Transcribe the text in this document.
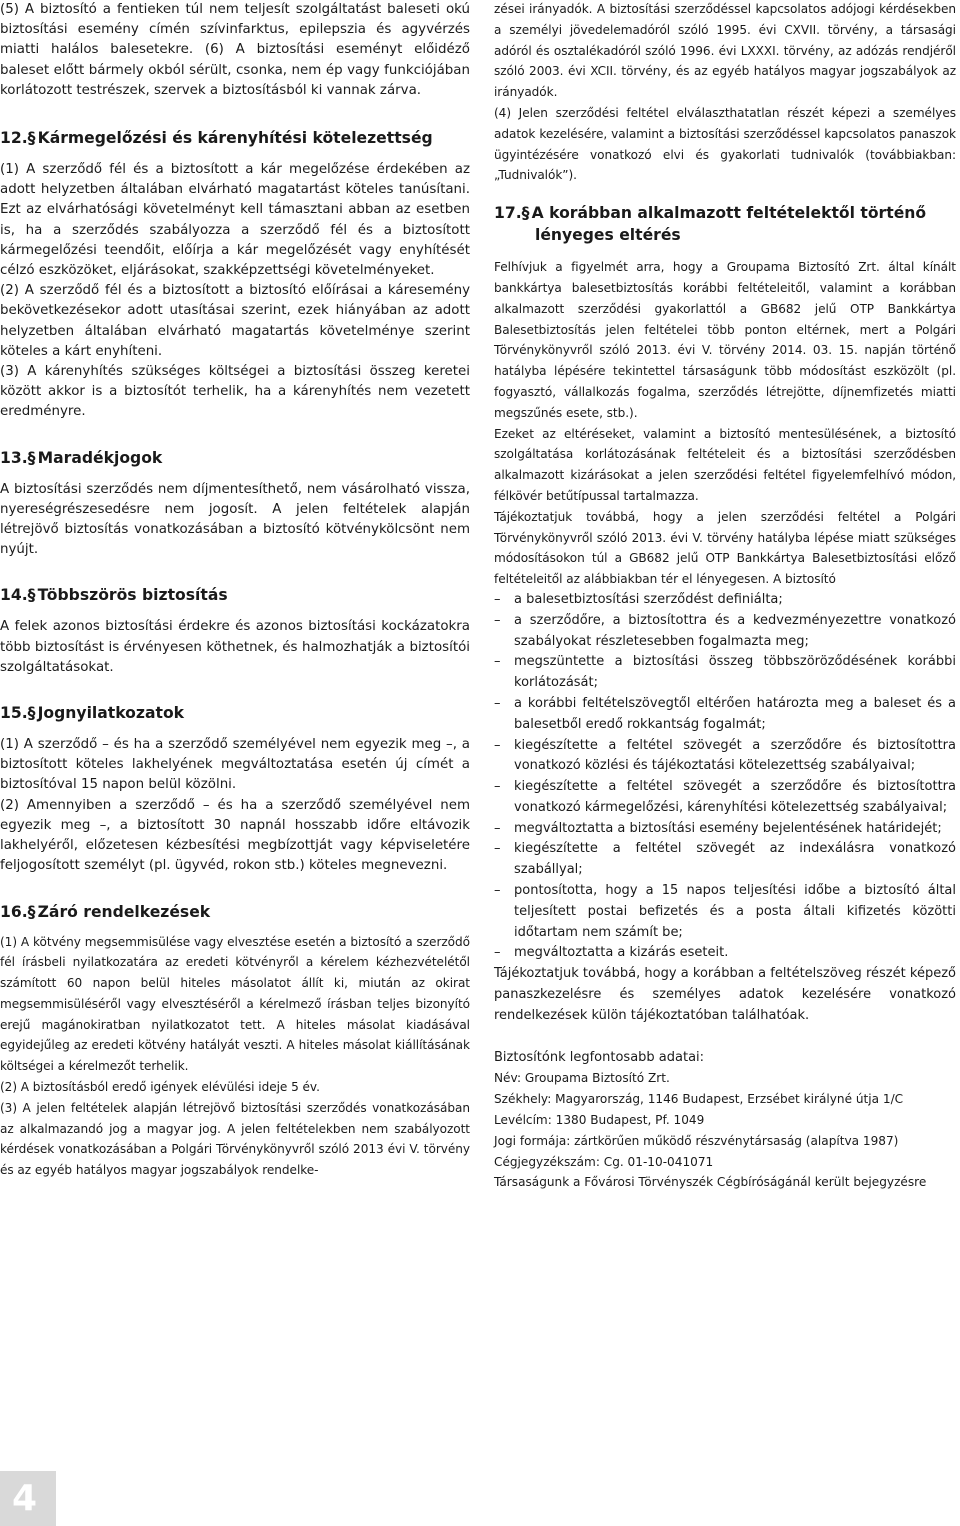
(5) A biztosító a fentieken túl nem teljesít szolgáltatást baleseti okú biztosítási esemény címén szívinfarktus, epilepszia és agyvérzés miatti halálos balesetekre. (6) A biztosítási eseményt előidéző baleset előtt bármely okból sérült, csonka, nem ép vagy funkciójában korlátozott testrészek, szervek a biztosításból ki vannak zárva.

12.§ Kármegelőzési és kárenyhítési kötelezettség

(1) A szerződő fél és a biztosított a kár megelőzése érdekében az adott helyzetben általában elvárható magatartást köteles tanúsítani. Ezt az elvárhatósági követelményt kell támasztani abban az esetben is, ha a szerződés szabályozza a szerződő fél és a biztosított kármegelőzési teendőit, előírja a kár megelőzését vagy enyhítését célzó eszközöket, eljárásokat, szakképzettségi követelményeket.

(2) A szerződő fél és a biztosított a biztosító előírásai a káresemény bekövetkezésekor adott utasításai szerint, ezek hiányában az adott helyzetben általában elvárható magatartás követelménye szerint köteles a kárt enyhíteni.

(3) A kárenyhítés szükséges költségei a biztosítási összeg keretei között akkor is a biztosítót terhelik, ha a kárenyhítés nem vezetett eredményre.

13.§ Maradékjogok

A biztosítási szerződés nem díjmentesíthető, nem vásárolható vissza, nyereségrészesedésre nem jogosít. A jelen feltételek alapján létrejövő biztosítás vonatkozásában a biztosító kötvénykölcsönt nem nyújt.

14.§ Többszörös biztosítás

A felek azonos biztosítási érdekre és azonos biztosítási kockázatokra több biztosítást is érvényesen köthetnek, és halmozhatják a biztosítói szolgáltatásokat.

15.§ Jognyilatkozatok

(1) A szerződő – és ha a szerződő személyével nem egyezik meg –, a biztosított köteles lakhelyének megváltoztatása esetén új címét a biztosítóval 15 napon belül közölni.

(2) Amennyiben a szerződő – és ha a szerződő személyével nem egyezik meg –, a biztosított 30 napnál hosszabb időre eltávozik lakhelyéről, előzetesen kézbesítési megbízottját vagy képviseletére feljogosított személyt (pl. ügyvéd, rokon stb.) köteles megnevezni.

16.§ Záró rendelkezések

(1) A kötvény megsemmisülése vagy elvesztése esetén a biztosító a szerződő fél írásbeli nyilatkozatára az eredeti kötvényről a kérelem kézhezvételétől számított 60 napon belül hiteles másolatot állít ki, miután az okirat megsemmisüléséről vagy elvesztéséről a kérelmező írásban teljes bizonyító erejű magánokiratban nyilatkozatot tett. A hiteles másolat kiadásával egyidejűleg az eredeti kötvény hatályát veszti. A hiteles másolat kiállításának költségei a kérelmezőt terhelik.

(2) A biztosításból eredő igények elévülési ideje 5 év.

(3) A jelen feltételek alapján létrejövő biztosítási szerződés vonatkozásában az alkalmazandó jog a magyar jog. A jelen feltételekben nem szabályozott kérdések vonatkozásában a Polgári Törvénykönyvről szóló 2013 évi V. törvény és az egyéb hatályos magyar jogszabályok rendelke-

zései irányadók. A biztosítási szerződéssel kapcsolatos adójogi kérdésekben a személyi jövedelemadóról szóló 1995. évi CXVII. törvény, a társasági adóról és osztalékadóról szóló 1996. évi LXXXI. törvény, az adózás rendjéről szóló 2003. évi XCII. törvény, és az egyéb hatályos magyar jogszabályok az irányadók.

(4) Jelen szerződési feltétel elválaszthatatlan részét képezi a személyes adatok kezelésére, valamint a biztosítási szerződéssel kapcsolatos panaszok ügyintézésére vonatkozó elvi és gyakorlati tudnivalók (továbbiakban: „Tudnivalók”).

17.§ A korábban alkalmazott feltételektől történő
lényeges eltérés

Felhívjuk a figyelmét arra, hogy a Groupama Biztosító Zrt. által kínált bankkártya balesetbiztosítás korábbi feltételeitől, valamint a korábban alkalmazott szerződési gyakorlattól a GB682 jelű OTP Bankkártya Balesetbiztosítás jelen feltételei több ponton eltérnek, mert a Polgári Törvénykönyvről szóló 2013. évi V. törvény 2014. 03. 15. napján történő hatályba lépésére tekintettel társaságunk több módosítást eszközölt (pl. fogyasztó, vállalkozás fogalma, szerződés létrejötte, díjnemfizetés miatti megszűnés esete, stb.).

Ezeket az eltéréseket, valamint a biztosító mentesülésének, a biztosító szolgáltatása korlátozásának feltételeit és a biztosítási szerződésben alkalmazott kizárásokat a jelen szerződési feltétel figyelemfelhívó módon, félkövér betűtípussal tartalmazza.

Tájékoztatjuk továbbá, hogy a jelen szerződési feltétel a Polgári Törvénykönyvről szóló 2013. évi V. törvény hatályba lépése miatt szükséges módosításokon túl a GB682 jelű OTP Bankkártya Balesetbiztosítási előző feltételeitől az alábbiakban tér el lényegesen. A biztosító

– a balesetbiztosítási szerződést definiálta;
– a szerződőre, a biztosítottra és a kedvezményezettre vonatkozó szabályokat részletesebben fogalmazta meg;
– megszüntette a biztosítási összeg többszöröződésének korábbi korlátozását;
– a korábbi feltételszövegtől eltérően határozta meg a baleset és a balesetből eredő rokkantság fogalmát;
– kiegészítette a feltétel szövegét a szerződőre és biztosítottra vonatkozó közlési és tájékoztatási kötelezettség szabályaival;
– kiegészítette a feltétel szövegét a szerződőre és biztosítottra vonatkozó kármegelőzési, kárenyhítési kötelezettség szabályaival;
– megváltoztatta a biztosítási esemény bejelentésének határidejét;
– kiegészítette a feltétel szövegét az indexálásra vonatkozó szabállyal;
– pontosította, hogy a 15 napos teljesítési időbe a biztosító által teljesített postai befizetés és a posta általi kifizetés közötti időtartam nem számít be;
– megváltoztatta a kizárás eseteit.

Tájékoztatjuk továbbá, hogy a korábban a feltételszöveg részét képező panaszkezelésre és személyes adatok kezelésére vonatkozó rendelkezések külön tájékoztatóban találhatóak.

Biztosítónk legfontosabb adatai:

Név: Groupama Biztosító Zrt.

Székhely: Magyarország, 1146 Budapest, Erzsébet királyné útja 1/C

Levélcím: 1380 Budapest, Pf. 1049

Jogi formája: zártkörűen működő részvénytársaság (alapítva 1987)

Cégjegyzékszám: Cg. 01-10-041071

Társaságunk a Fővárosi Törvényszék Cégbíróságánál került bejegyzésre

4
